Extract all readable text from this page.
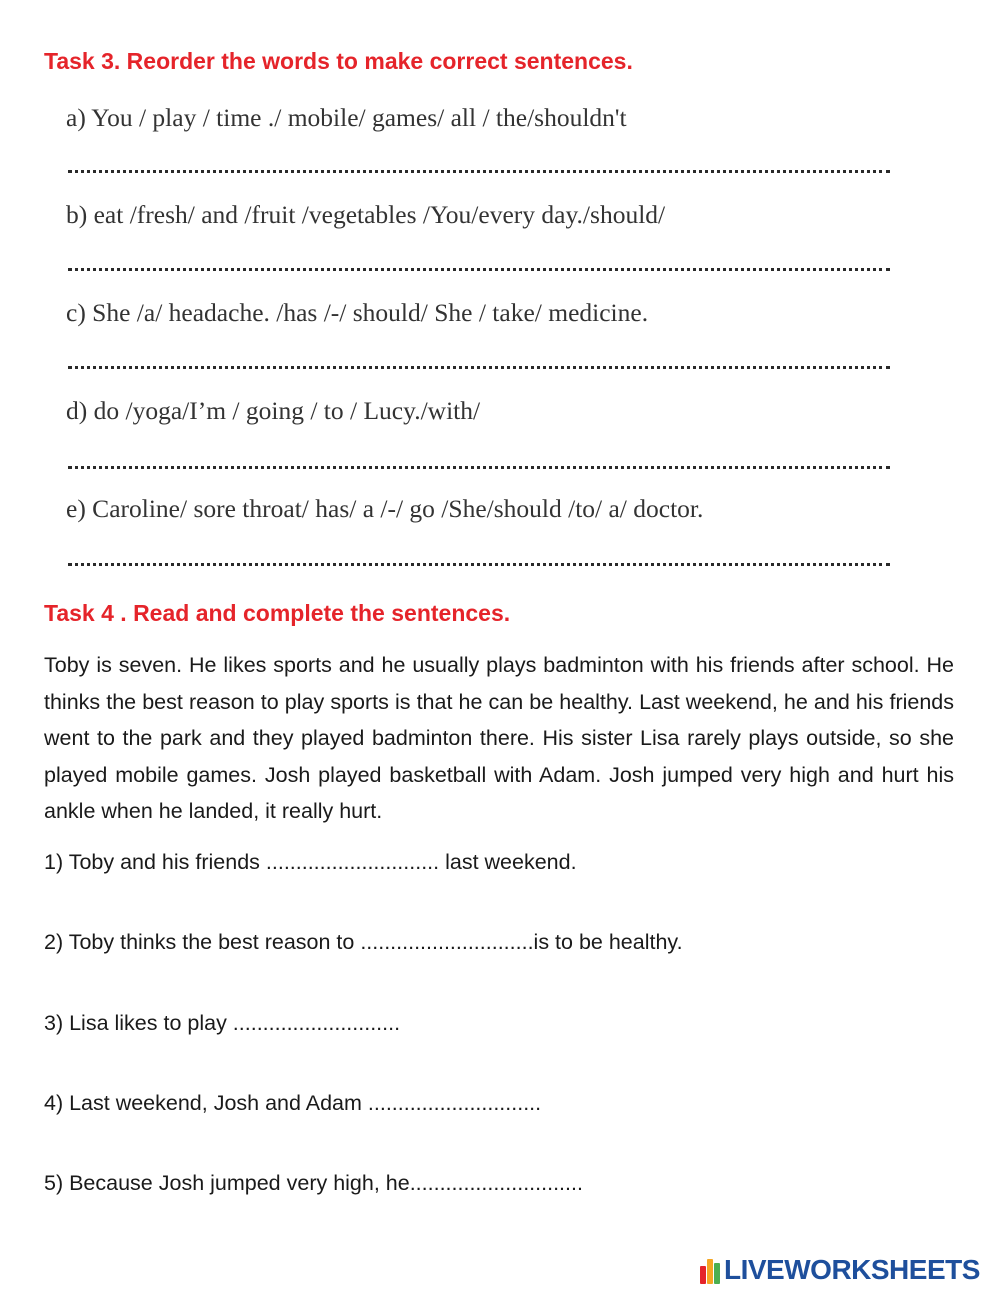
Task 3. Reorder the words to make correct sentences.
a) You / play / time ./ mobile/ games/ all / the/shouldn't
b) eat /fresh/ and /fruit /vegetables /You/every day./should/
c) She /a/ headache. /has /-/ should/ She / take/ medicine.
d) do /yoga/I’m / going / to / Lucy./with/
e) Caroline/ sore throat/ has/ a /-/ go /She/should /to/ a/ doctor.
Task 4 . Read and complete the sentences.
Toby is seven. He likes sports and he usually plays badminton with his friends after school. He thinks the best reason to play sports is that he can be healthy. Last weekend, he and his friends went to the park and they played badminton there. His sister Lisa rarely plays outside, so she played mobile games. Josh played basketball with Adam. Josh jumped very high and hurt his ankle when he landed, it really hurt.
1) Toby and his friends ............................. last weekend.
2) Toby thinks the best reason to .............................is to be healthy.
3) Lisa likes to play ............................
4) Last weekend, Josh and Adam .............................
5) Because Josh jumped very high, he.............................
LIVEWORKSHEETS
